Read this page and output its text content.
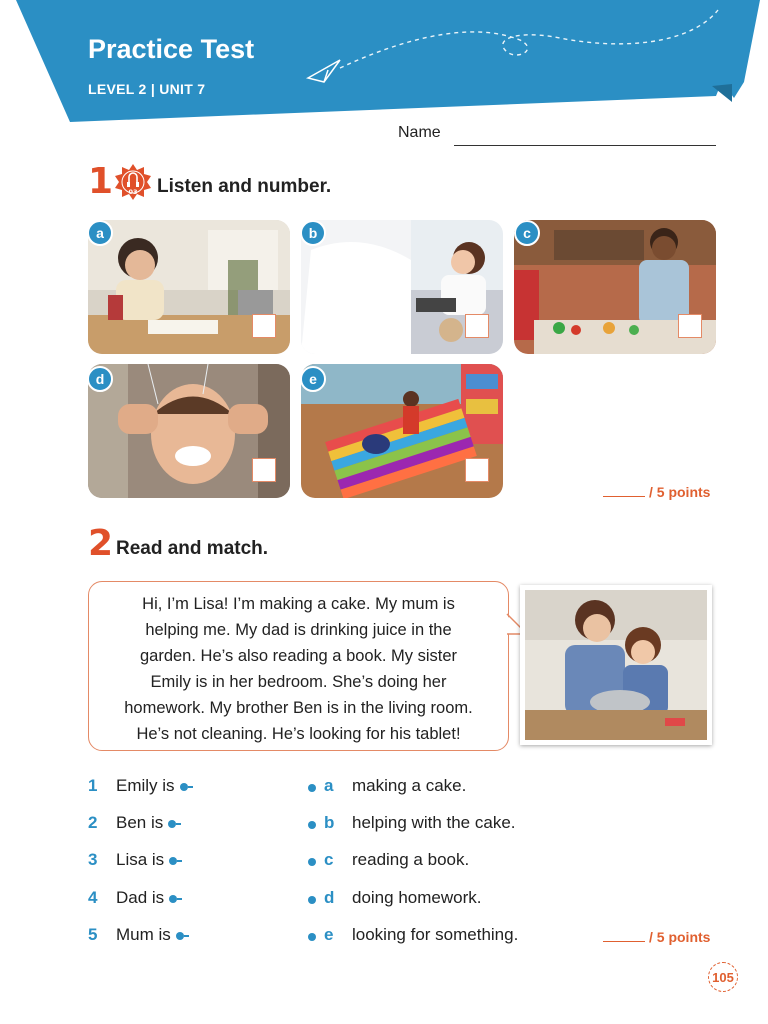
Practice Test
LEVEL 2 | UNIT 7
Name
1 03 Listen and number.
a	b	c
d	e
/ 5 points
2 Read and match.
Hi, I’m Lisa! I’m making a cake. My mum is
helping me. My dad is drinking juice in the
garden. He’s also reading a book. My sister
Emily is in her bedroom. She’s doing her
homework. My brother Ben is in the living room.
He’s not cleaning. He’s looking for his tablet!
1 Emily is	a making a cake.
2 Ben is	b helping with the cake.
3 Lisa is	c reading a book.
4 Dad is	d doing homework.
5 Mum is	e looking for something.	/ 5 points
105
